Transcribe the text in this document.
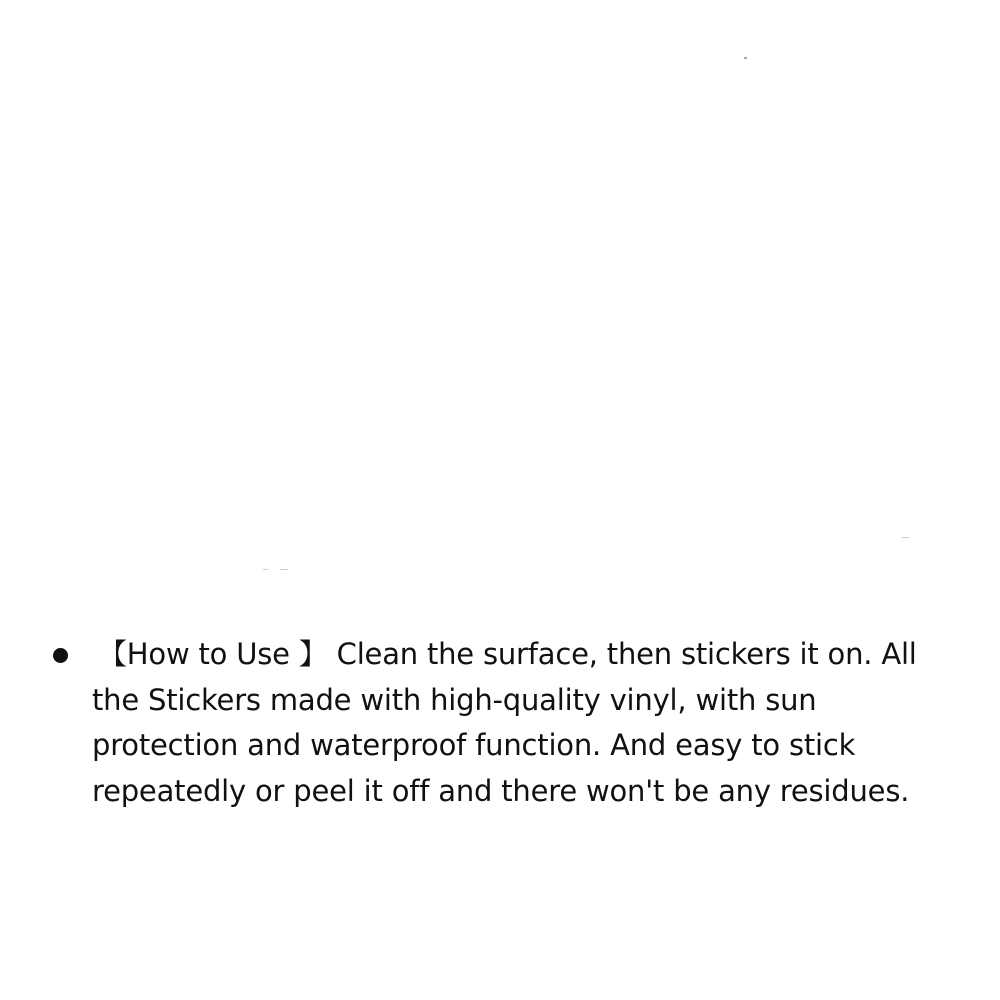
【How to Use 】 Clean the surface, then stickers it on. All the Stickers made with high-quality vinyl, with sun protection and waterproof function. And easy to stick repeatedly or peel it off and there won't be any residues.
